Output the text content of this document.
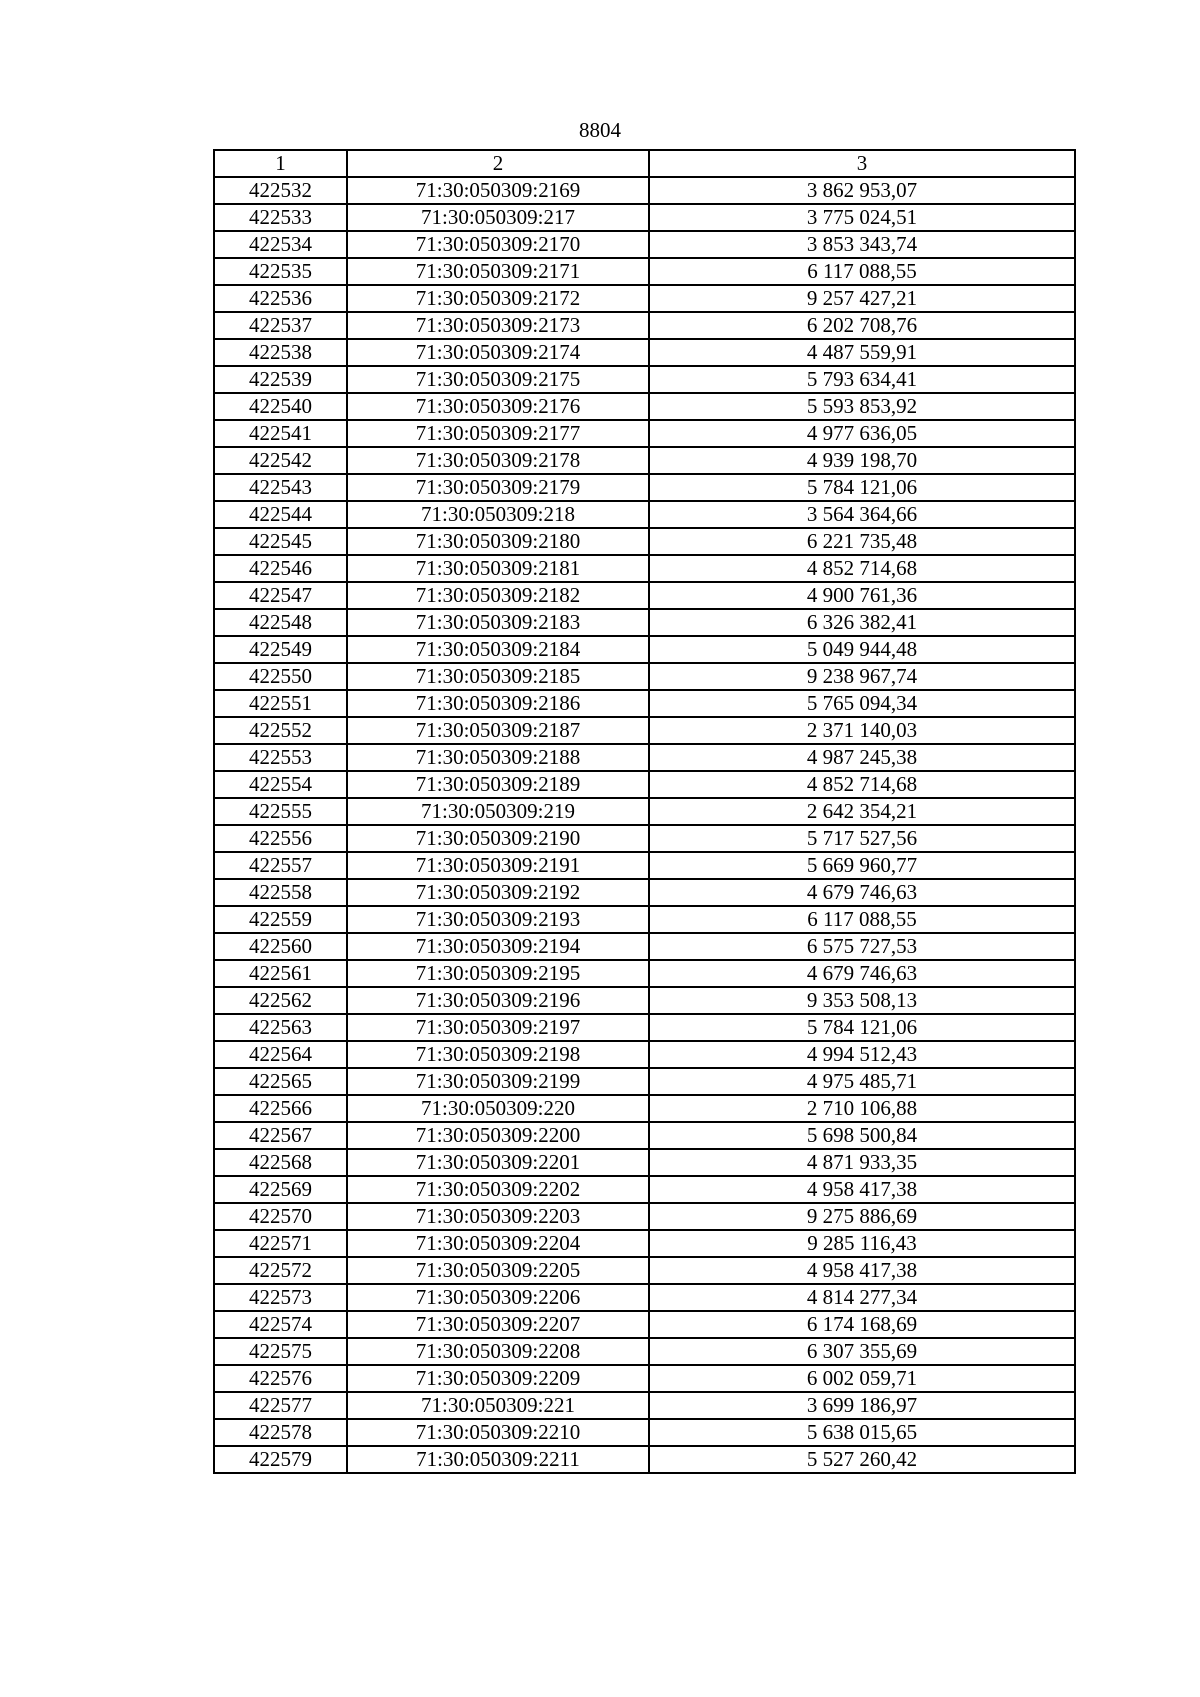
8804
1	2	3
422532	71:30:050309:2169	3 862 953,07
422533	71:30:050309:217	3 775 024,51
422534	71:30:050309:2170	3 853 343,74
422535	71:30:050309:2171	6 117 088,55
422536	71:30:050309:2172	9 257 427,21
422537	71:30:050309:2173	6 202 708,76
422538	71:30:050309:2174	4 487 559,91
422539	71:30:050309:2175	5 793 634,41
422540	71:30:050309:2176	5 593 853,92
422541	71:30:050309:2177	4 977 636,05
422542	71:30:050309:2178	4 939 198,70
422543	71:30:050309:2179	5 784 121,06
422544	71:30:050309:218	3 564 364,66
422545	71:30:050309:2180	6 221 735,48
422546	71:30:050309:2181	4 852 714,68
422547	71:30:050309:2182	4 900 761,36
422548	71:30:050309:2183	6 326 382,41
422549	71:30:050309:2184	5 049 944,48
422550	71:30:050309:2185	9 238 967,74
422551	71:30:050309:2186	5 765 094,34
422552	71:30:050309:2187	2 371 140,03
422553	71:30:050309:2188	4 987 245,38
422554	71:30:050309:2189	4 852 714,68
422555	71:30:050309:219	2 642 354,21
422556	71:30:050309:2190	5 717 527,56
422557	71:30:050309:2191	5 669 960,77
422558	71:30:050309:2192	4 679 746,63
422559	71:30:050309:2193	6 117 088,55
422560	71:30:050309:2194	6 575 727,53
422561	71:30:050309:2195	4 679 746,63
422562	71:30:050309:2196	9 353 508,13
422563	71:30:050309:2197	5 784 121,06
422564	71:30:050309:2198	4 994 512,43
422565	71:30:050309:2199	4 975 485,71
422566	71:30:050309:220	2 710 106,88
422567	71:30:050309:2200	5 698 500,84
422568	71:30:050309:2201	4 871 933,35
422569	71:30:050309:2202	4 958 417,38
422570	71:30:050309:2203	9 275 886,69
422571	71:30:050309:2204	9 285 116,43
422572	71:30:050309:2205	4 958 417,38
422573	71:30:050309:2206	4 814 277,34
422574	71:30:050309:2207	6 174 168,69
422575	71:30:050309:2208	6 307 355,69
422576	71:30:050309:2209	6 002 059,71
422577	71:30:050309:221	3 699 186,97
422578	71:30:050309:2210	5 638 015,65
422579	71:30:050309:2211	5 527 260,42
